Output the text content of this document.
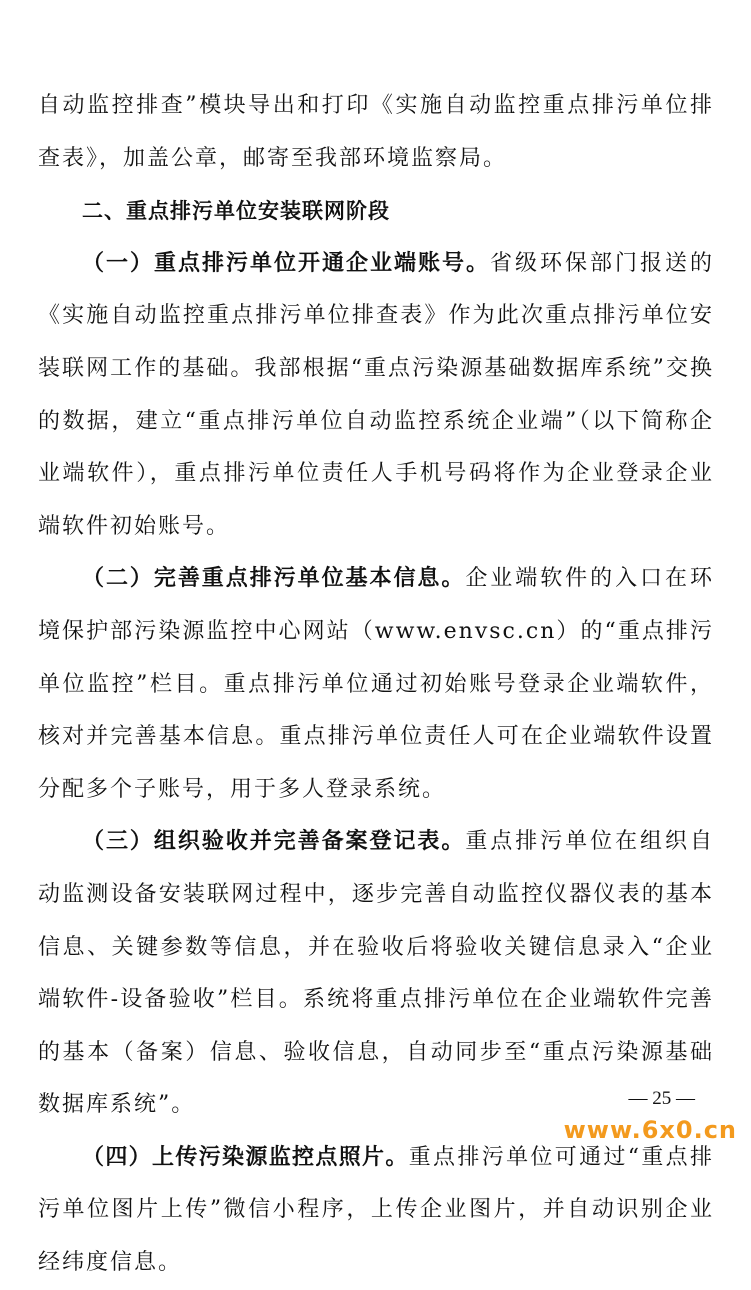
自动监控排查”模块导出和打印《实施自动监控重点排污单位排查表》，加盖公章，邮寄至我部环境监察局。

二、重点排污单位安装联网阶段

（一）重点排污单位开通企业端账号。省级环保部门报送的《实施自动监控重点排污单位排查表》作为此次重点排污单位安装联网工作的基础。我部根据“重点污染源基础数据库系统”交换的数据，建立“重点排污单位自动监控系统企业端”（以下简称企业端软件），重点排污单位责任人手机号码将作为企业登录企业端软件初始账号。

（二）完善重点排污单位基本信息。企业端软件的入口在环境保护部污染源监控中心网站（www.envsc.cn）的“重点排污单位监控”栏目。重点排污单位通过初始账号登录企业端软件，核对并完善基本信息。重点排污单位责任人可在企业端软件设置分配多个子账号，用于多人登录系统。

（三）组织验收并完善备案登记表。重点排污单位在组织自动监测设备安装联网过程中，逐步完善自动监控仪器仪表的基本信息、关键参数等信息，并在验收后将验收关键信息录入“企业端软件-设备验收”栏目。系统将重点排污单位在企业端软件完善的基本（备案）信息、验收信息，自动同步至“重点污染源基础数据库系统”。

（四）上传污染源监控点照片。重点排污单位可通过“重点排污单位图片上传”微信小程序，上传企业图片，并自动识别企业经纬度信息。

— 25 —
www.6x0.cn
